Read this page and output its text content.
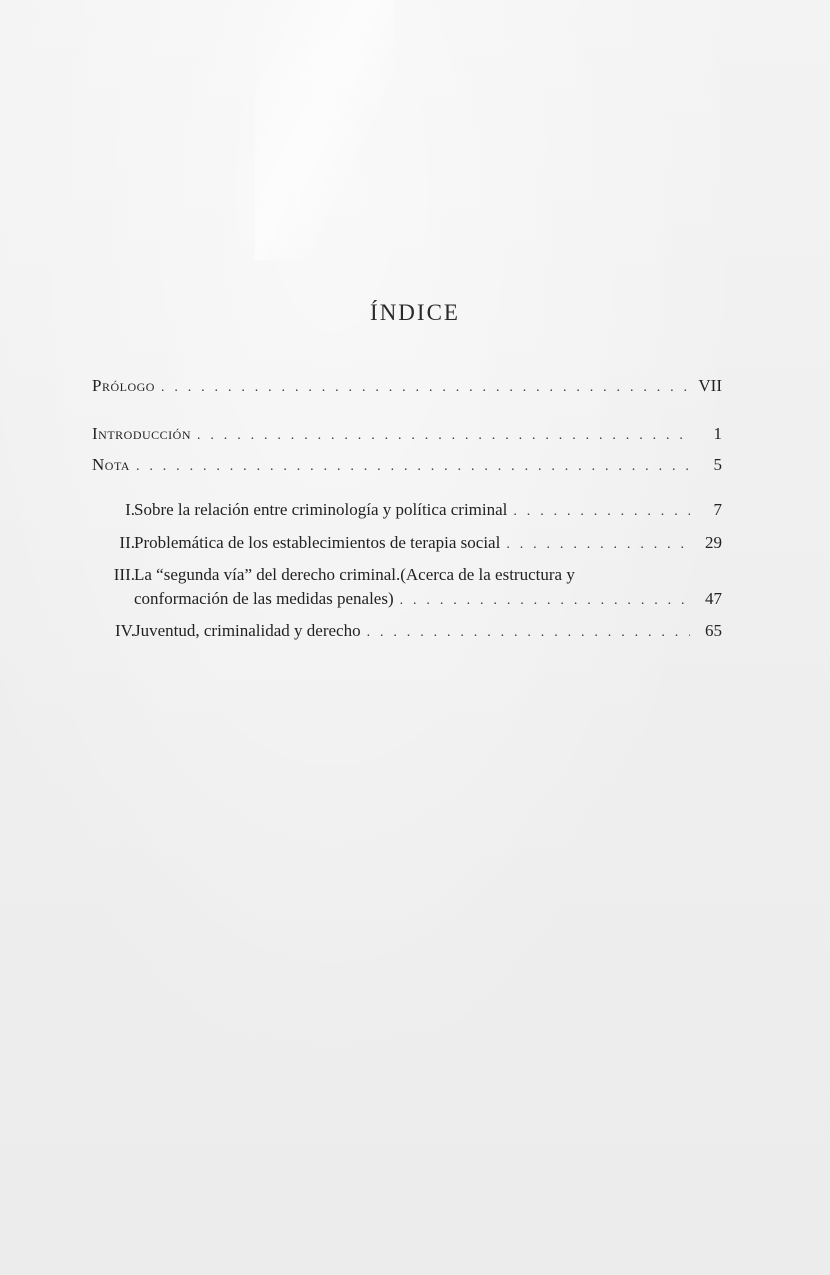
ÍNDICE
Prólogo . . .	VII
Introducción . . .	1
Nota . . .	5
I. Sobre la relación entre criminología y política criminal . . .	7
II. Problemática de los establecimientos de terapia social . . .	29
III. La “segunda vía” del derecho criminal.(Acerca de la estructura y
conformación de las medidas penales) . . .	47
IV. Juventud, criminalidad y derecho . . .	65
